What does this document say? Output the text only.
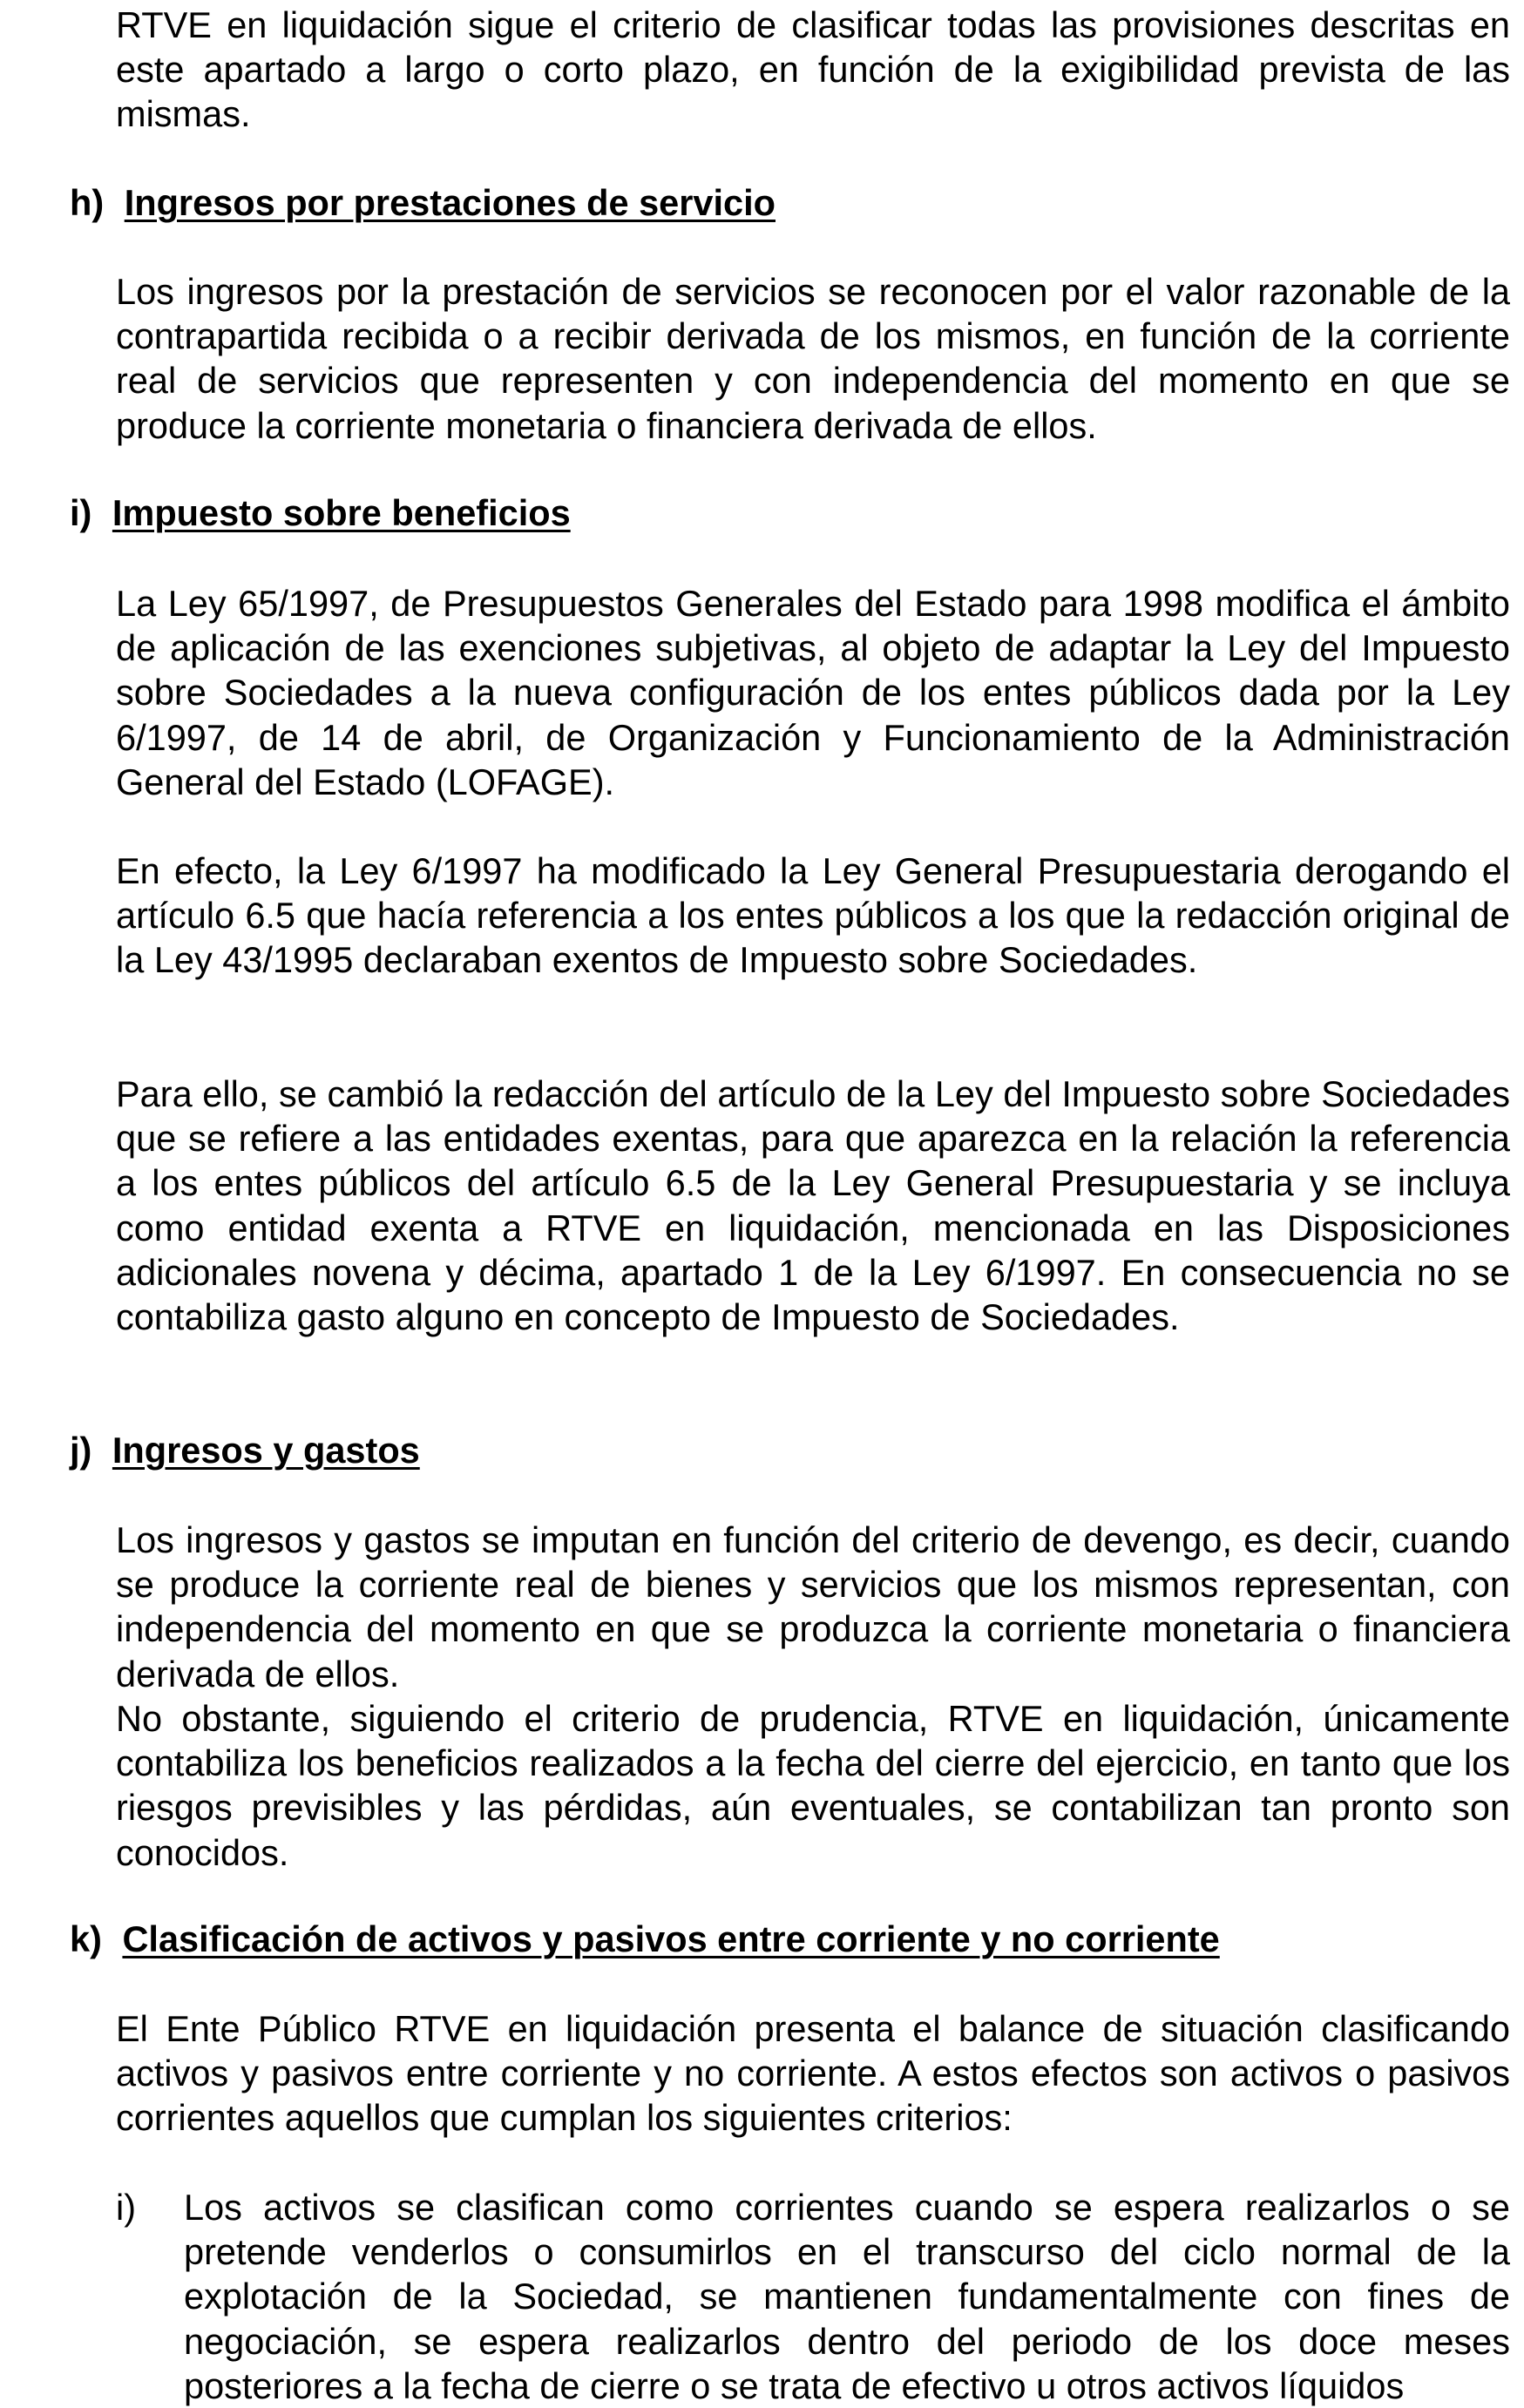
RTVE en liquidación sigue el criterio de clasificar todas las provisiones descritas en este apartado a largo o corto plazo, en función de la exigibilidad prevista de las mismas.

h) Ingresos por prestaciones de servicio

Los ingresos por la prestación de servicios se reconocen por el valor razonable de la contrapartida recibida o a recibir derivada de los mismos, en función de la corriente real de servicios que representen y con independencia del momento en que se produce la corriente monetaria o financiera derivada de ellos.

i) Impuesto sobre beneficios

La Ley 65/1997, de Presupuestos Generales del Estado para 1998 modifica el ámbito de aplicación de las exenciones subjetivas, al objeto de adaptar la Ley del Impuesto sobre Sociedades a la nueva configuración de los entes públicos dada por la Ley 6/1997, de 14 de abril, de Organización y Funcionamiento de la Administración General del Estado (LOFAGE).

En efecto, la Ley 6/1997 ha modificado la Ley General Presupuestaria derogando el artículo 6.5 que hacía referencia a los entes públicos a los que la redacción original de la Ley 43/1995 declaraban exentos de Impuesto sobre Sociedades.

Para ello, se cambió la redacción del artículo de la Ley del Impuesto sobre Sociedades que se refiere a las entidades exentas, para que aparezca en la relación la referencia a los entes públicos del artículo 6.5 de la Ley General Presupuestaria y se incluya como entidad exenta a RTVE en liquidación, mencionada en las Disposiciones adicionales novena y décima, apartado 1 de la Ley 6/1997. En consecuencia no se contabiliza gasto alguno en concepto de Impuesto de Sociedades.

j) Ingresos y gastos

Los ingresos y gastos se imputan en función del criterio de devengo, es decir, cuando se produce la corriente real de bienes y servicios que los mismos representan, con independencia del momento en que se produzca la corriente monetaria o financiera derivada de ellos.

No obstante, siguiendo el criterio de prudencia, RTVE en liquidación, únicamente contabiliza los beneficios realizados a la fecha del cierre del ejercicio, en tanto que los riesgos previsibles y las pérdidas, aún eventuales, se contabilizan tan pronto son conocidos.

k) Clasificación de activos y pasivos entre corriente y no corriente

El Ente Público RTVE en liquidación presenta el balance de situación clasificando activos y pasivos entre corriente y no corriente. A estos efectos son activos o pasivos corrientes aquellos que cumplan los siguientes criterios:

i) Los activos se clasifican como corrientes cuando se espera realizarlos o se pretende venderlos o consumirlos en el transcurso del ciclo normal de la explotación de la Sociedad, se mantienen fundamentalmente con fines de negociación, se espera realizarlos dentro del periodo de los doce meses posteriores a la fecha de cierre o se trata de efectivo u otros activos líquidos
